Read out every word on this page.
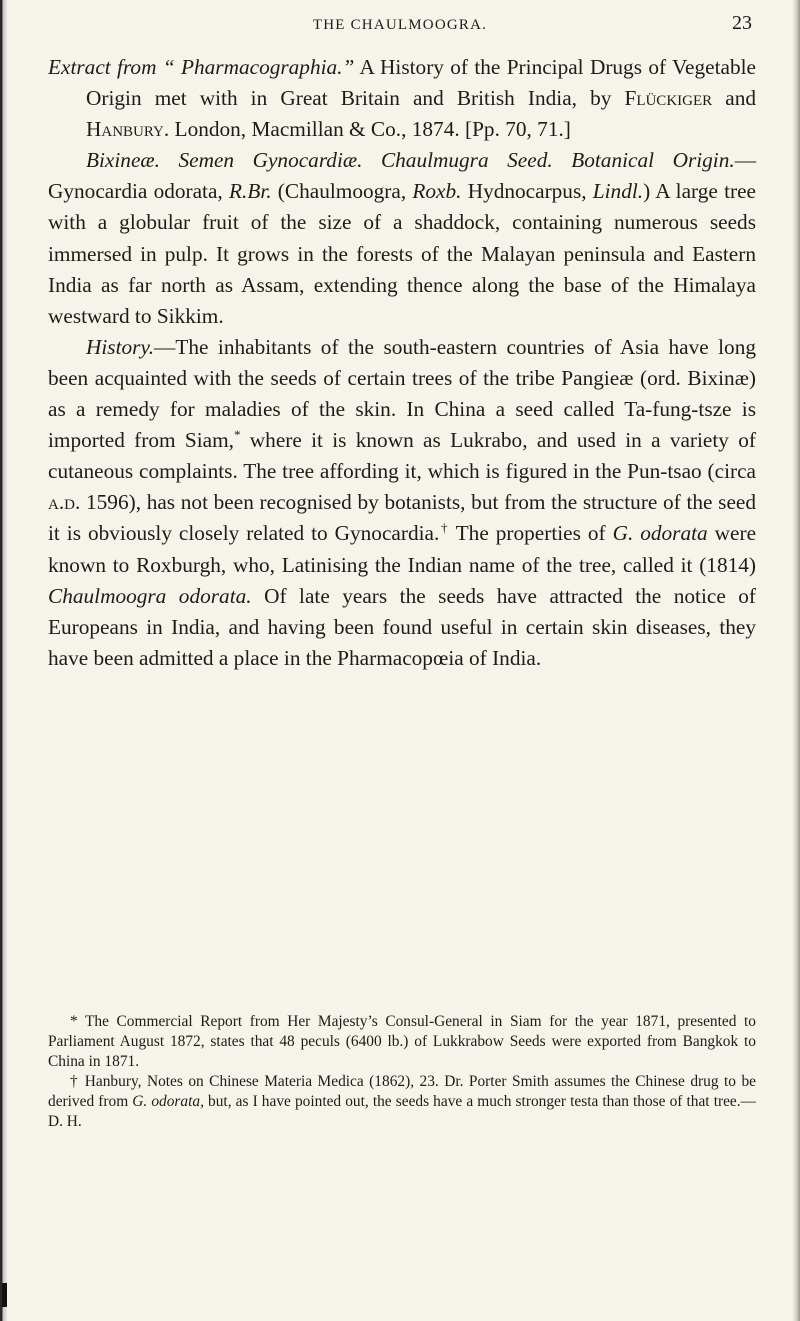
THE CHAULMOOGRA.	23

Extract from “ Pharmacographia.” A History of the Principal Drugs of Vegetable Origin met with in Great Britain and British India, by Flückiger and Hanbury. London, Macmillan & Co., 1874. [Pp. 70, 71.]

Bixineæ. Semen Gynocardiæ. Chaulmugra Seed. Botanical Origin.—Gynocardia odorata, R.Br. (Chaulmoogra, Roxb. Hydnocarpus, Lindl.) A large tree with a globular fruit of the size of a shaddock, containing numerous seeds immersed in pulp. It grows in the forests of the Malayan peninsula and Eastern India as far north as Assam, extending thence along the base of the Himalaya westward to Sikkim.

History.—The inhabitants of the south-eastern countries of Asia have long been acquainted with the seeds of certain trees of the tribe Pangieæ (ord. Bixinæ) as a remedy for maladies of the skin. In China a seed called Ta-fung-tsze is imported from Siam,* where it is known as Lukrabo, and used in a variety of cutaneous complaints. The tree affording it, which is figured in the Pun-tsao (circa a.d. 1596), has not been recognised by botanists, but from the structure of the seed it is obviously closely related to Gynocardia.† The properties of G. odorata were known to Roxburgh, who, Latinising the Indian name of the tree, called it (1814) Chaulmoogra odorata. Of late years the seeds have attracted the notice of Europeans in India, and having been found useful in certain skin diseases, they have been admitted a place in the Pharmacopœia of India.

* The Commercial Report from Her Majesty’s Consul-General in Siam for the year 1871, presented to Parliament August 1872, states that 48 peculs (6400 lb.) of Lukkrabow Seeds were exported from Bangkok to China in 1871.

† Hanbury, Notes on Chinese Materia Medica (1862), 23. Dr. Porter Smith assumes the Chinese drug to be derived from G. odorata, but, as I have pointed out, the seeds have a much stronger testa than those of that tree.—D. H.
